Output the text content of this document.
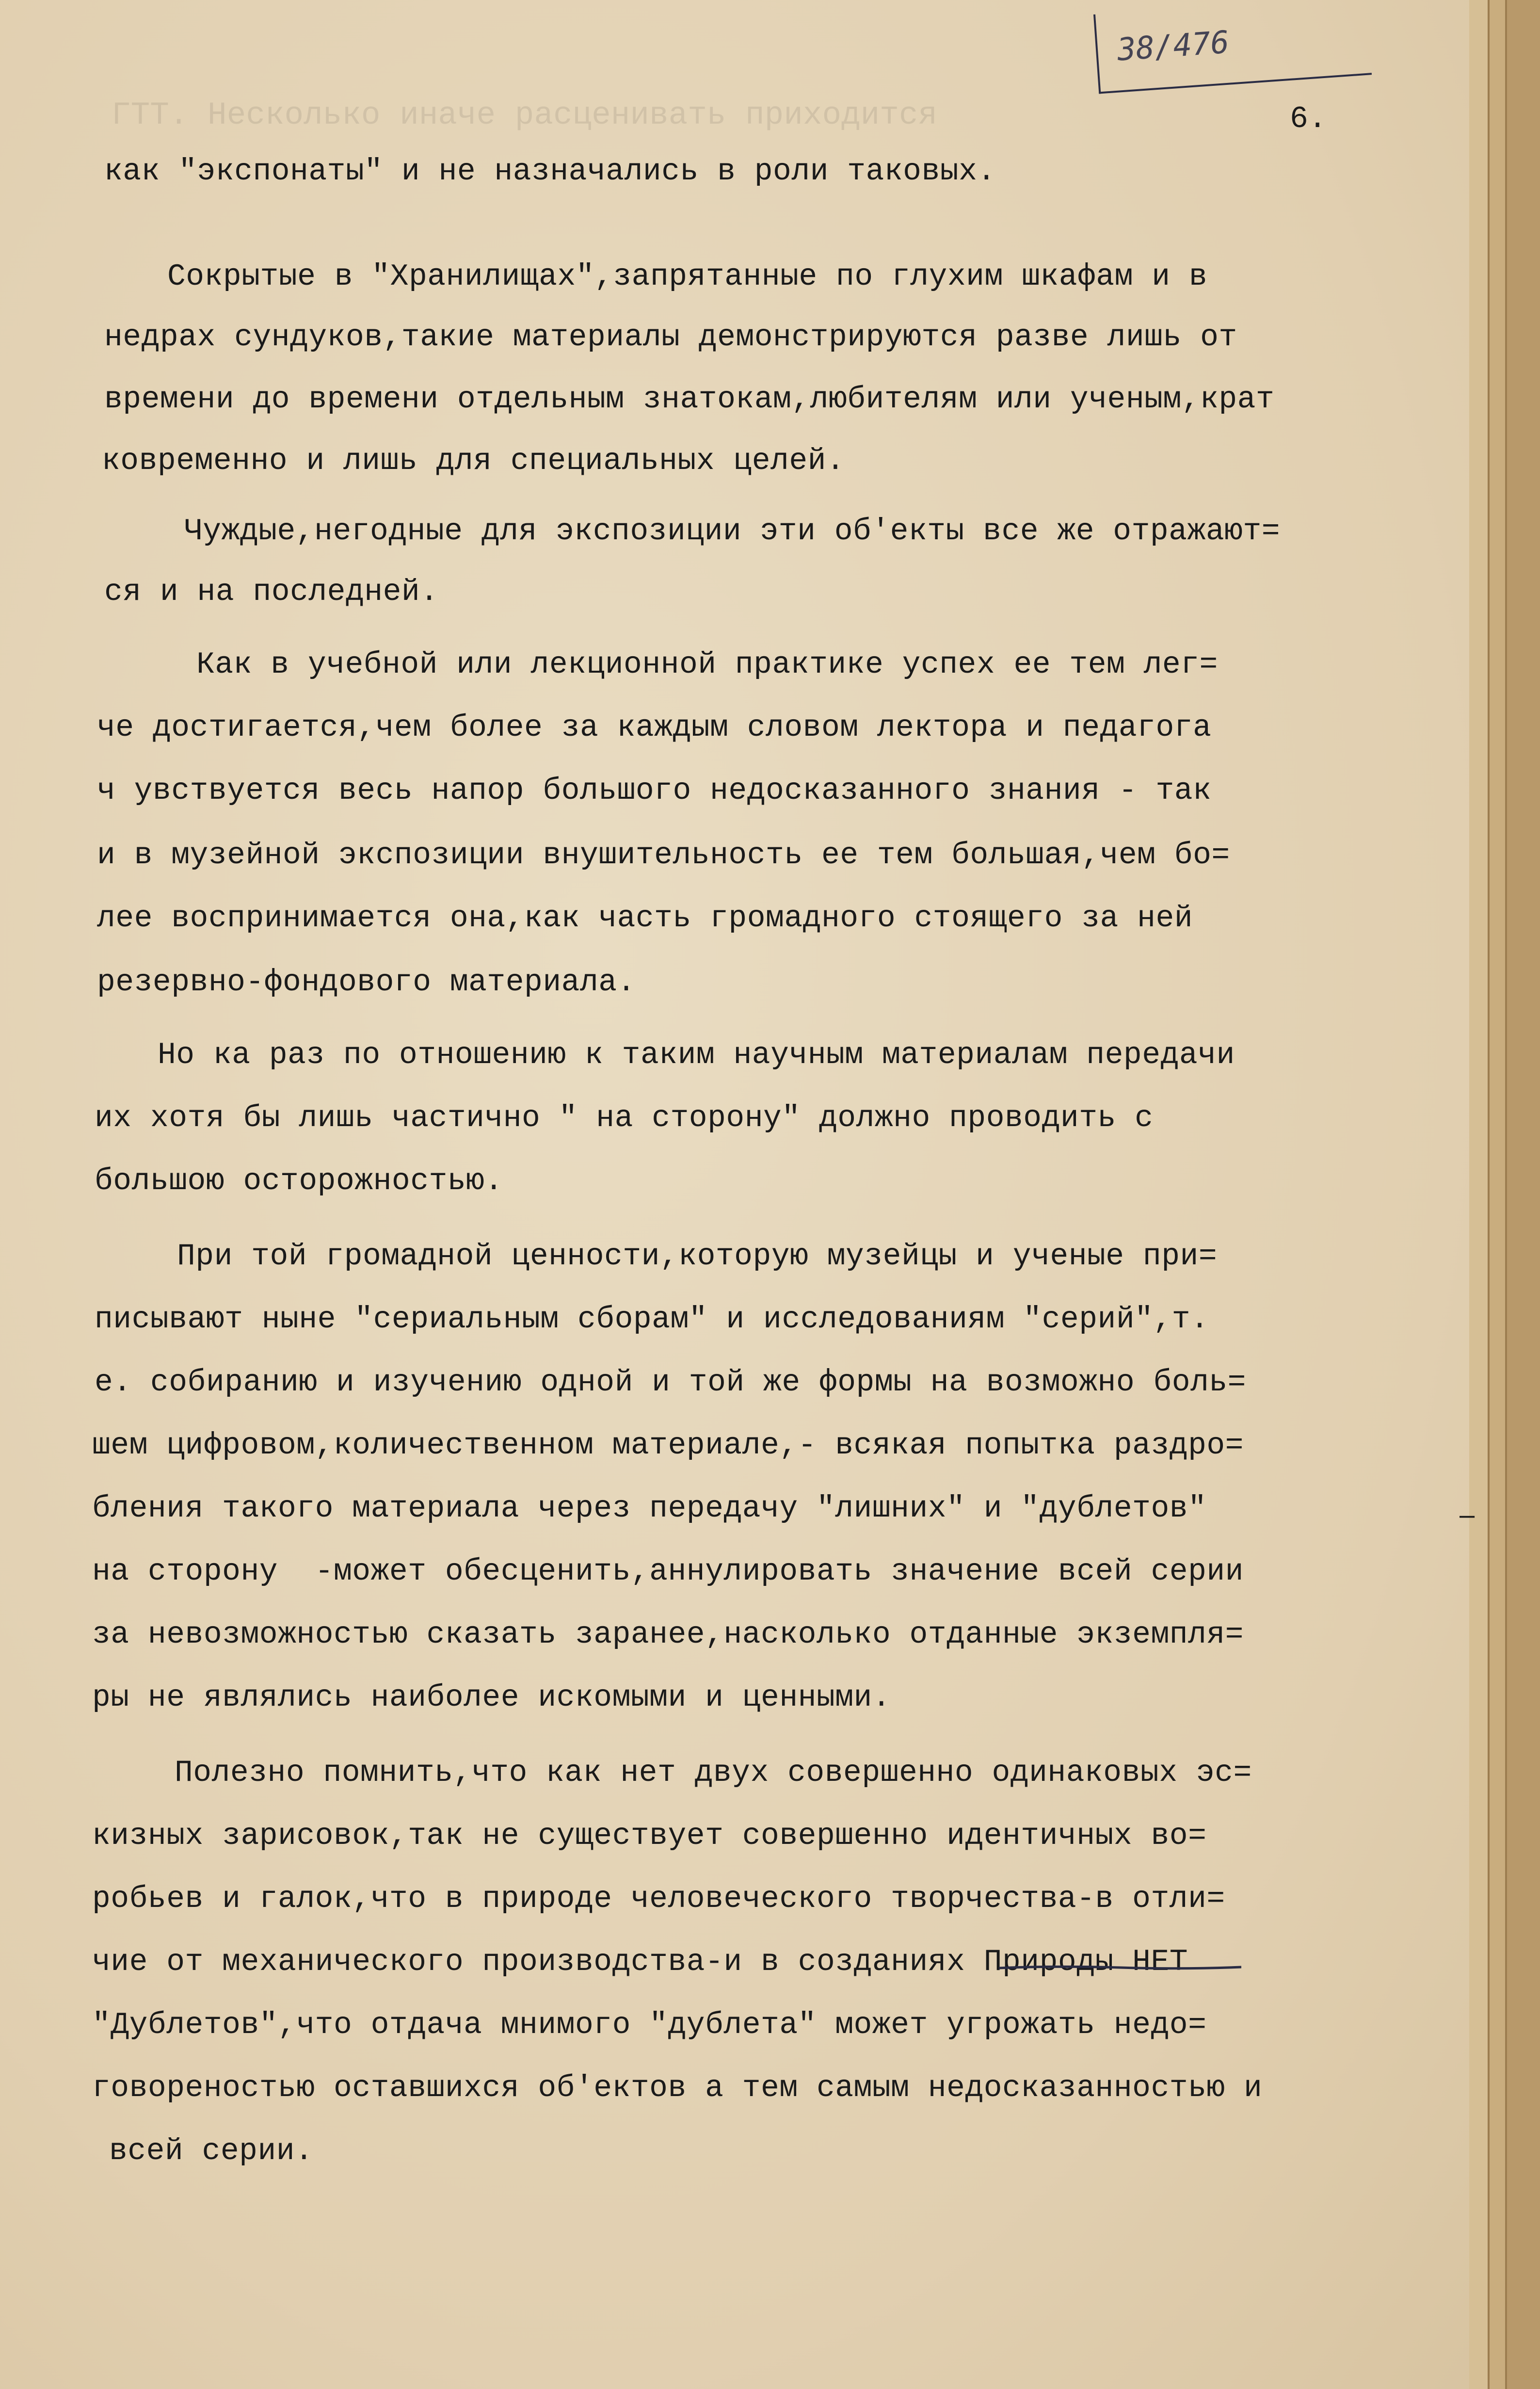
38/476
ГТТ. Несколько иначе расценивать приходится	6.
как "экспонаты" и не назначались в роли таковых.
Сокрытые в "Хранилищах",запрятанные по глухим шкафам и в
недрах сундуков,такие материалы демонстрируются разве лишь от
времени до времени отдельным знатокам,любителям или ученым,крат
ковременно и лишь для специальных целей.
Чуждые,негодные для экспозиции эти об'екты все же отражают=
ся и на последней.
Как в учебной или лекционной практике успех ее тем лег=
че достигается,чем более за каждым словом лектора и педагога
ч увствуется весь напор большого недосказанного знания - так
и в музейной экспозиции внушительность ее тем большая,чем бо=
лее воспринимается она,как часть громадного стоящего за ней
резервно-фондового материала.
Но ка раз по отношению к таким научным материалам передачи
их хотя бы лишь частично " на сторону" должно проводить с
большою осторожностью.
При той громадной ценности,которую музейцы и ученые при=
писывают ныне "сериальным сборам" и исследованиям "серий",т.
е. собиранию и изучению одной и той же формы на возможно боль=
шем цифровом,количественном материале,- всякая попытка раздро=
бления такого материала через передачу "лишних" и "дублетов"
на сторону  -может обесценить,аннулировать значение всей серии
за невозможностью сказать заранее,насколько отданные экземпля=
ры не являлись наиболее искомыми и ценными.
Полезно помнить,что как нет двух совершенно одинаковых эс=
кизных зарисовок,так не существует совершенно идентичных во=
робьев и галок,что в природе человеческого творчества-в отли=
чие от механического производства-и в созданиях Природы НЕТ
"Дублетов",что отдача мнимого "дублета" может угрожать недо=
говореностью оставшихся об'ектов а тем самым недосказанностью и
всей серии.
–
